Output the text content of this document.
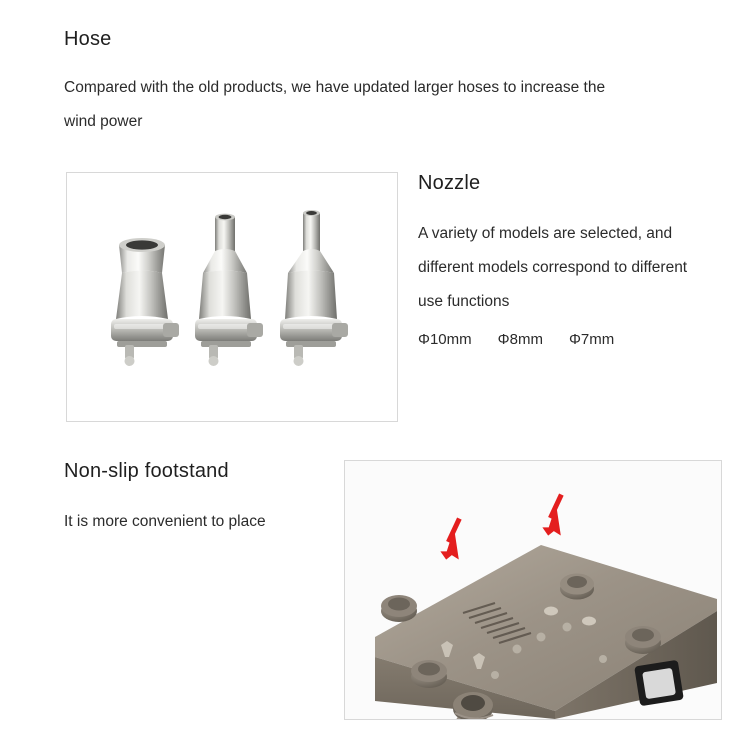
Hose
Compared with the old products, we have updated larger hoses to increase the wind power
Nozzle
A variety of models are selected, and different models correspond to different use functions
Φ10mm Φ8mm Φ7mm
Non-slip footstand
It is more convenient to place
